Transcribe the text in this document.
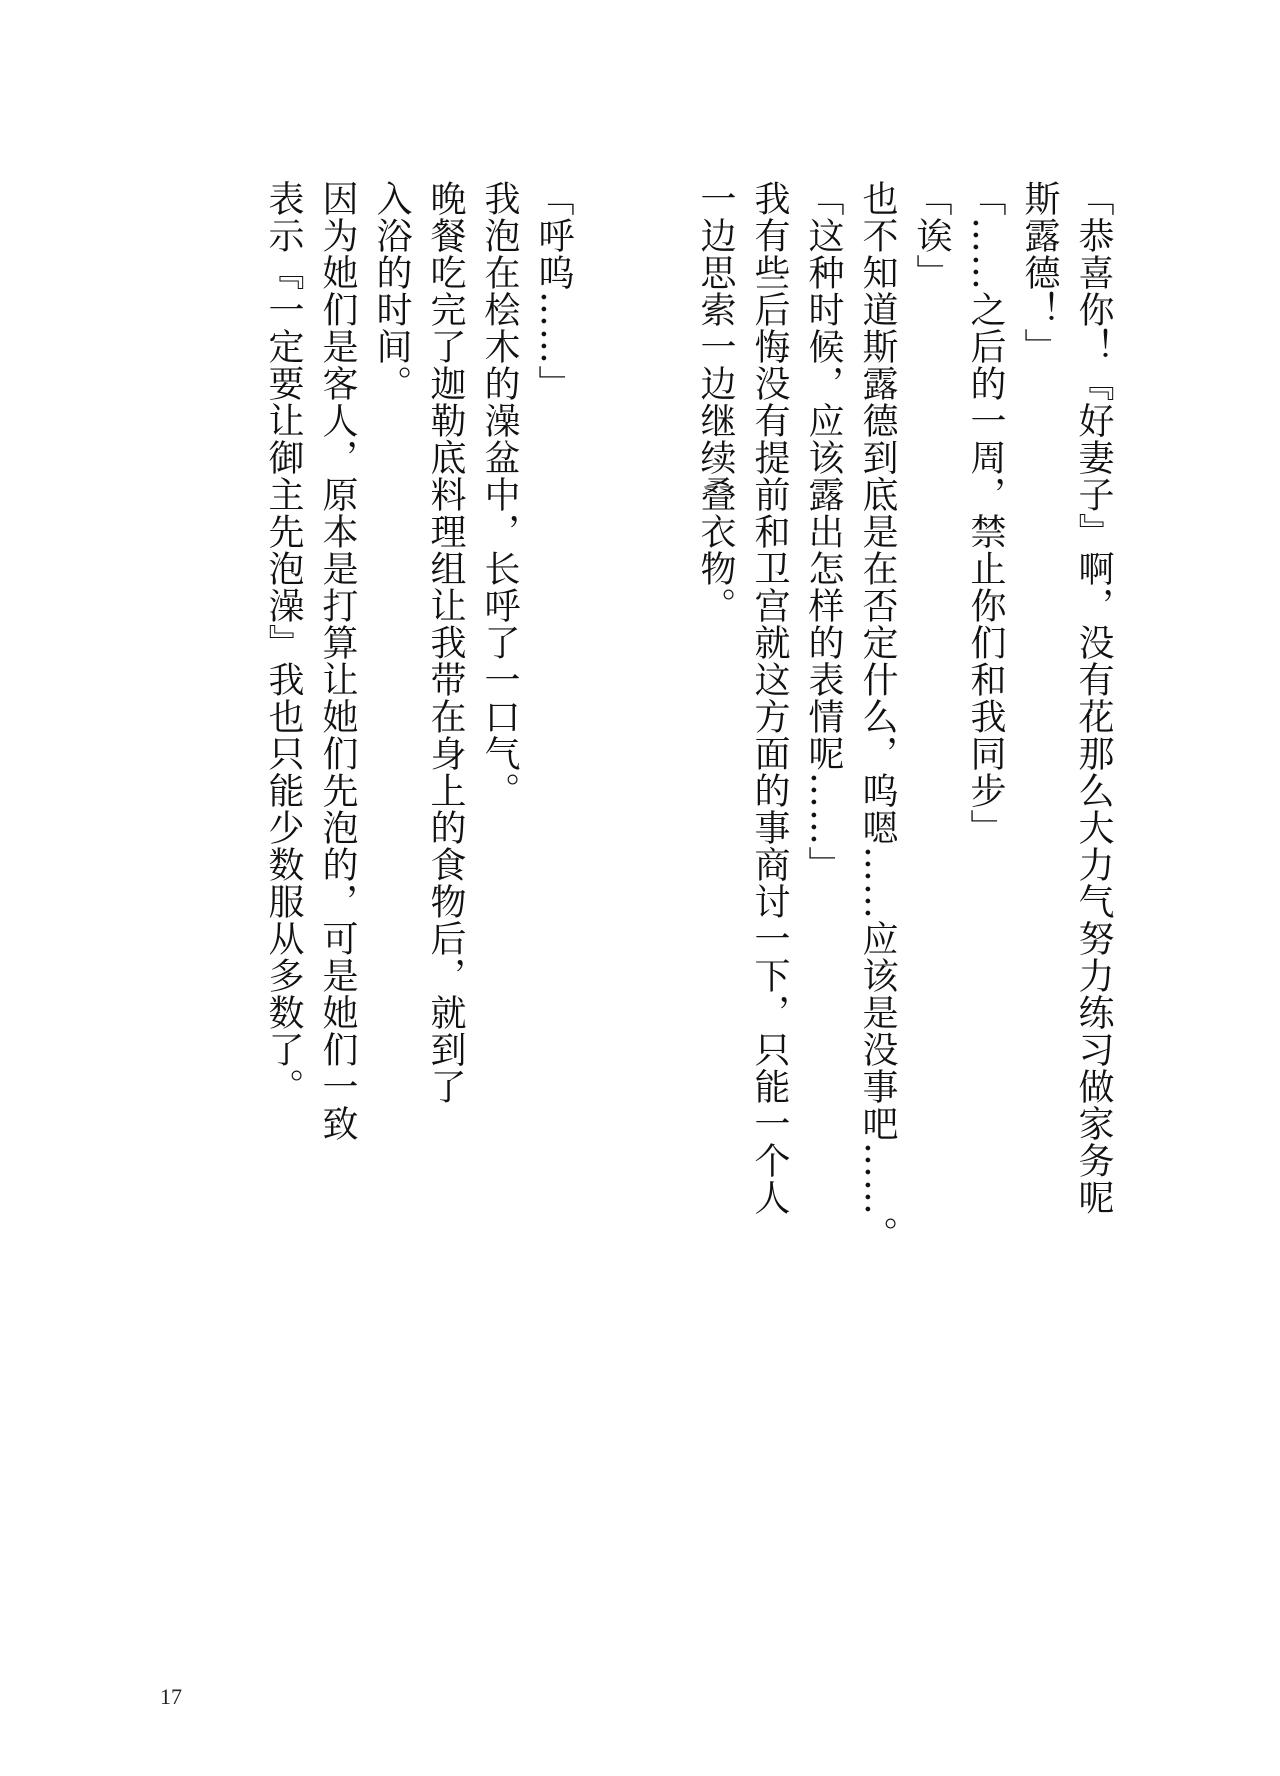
「恭喜你！『好妻子』啊，没有花那么大力气努力练习做家务呢
斯露德！」
「……之后的一周，禁止你们和我同步」
「诶」
也不知道斯露德到底是在否定什么，呜嗯……应该是没事吧……。
「这种时候，应该露出怎样的表情呢……」
我有些后悔没有提前和卫宫就这方面的事商讨一下，只能一个人
一边思索一边继续叠衣物。
「呼呜……」
我泡在桧木的澡盆中，长呼了一口气。
晚餐吃完了迦勒底料理组让我带在身上的食物后，就到了
入浴的时间。
因为她们是客人，原本是打算让她们先泡的，可是她们一致
表示『一定要让御主先泡澡』我也只能少数服从多数了。
17
